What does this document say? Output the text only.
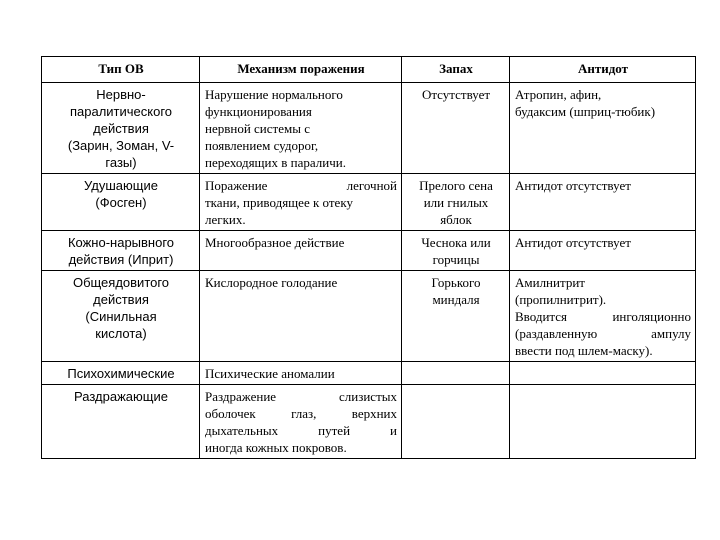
Тип ОВ	Механизм поражения	Запах	Антидот

Нервно-
паралитического
действия
(Зарин, Зоман, V-
газы)	Нарушение нормального
функционирования
нервной системы с
появлением судорог,
переходящих в параличи.	Отсутствует	Атропин, афин,
будаксим (шприц-тюбик)

Удушающие
(Фосген)	Поражение легочной
ткани, приводящее к отеку
легких.	Прелого сена
или гнилых
яблок	Антидот отсутствует

Кожно-нарывного
действия (Иприт)	Многообразное действие	Чеснока или
горчицы	Антидот отсутствует

Общеядовитого
действия
(Синильная
кислота)	Кислородное голодание	Горького
миндаля	Амилнитрит
(пропилнитрит).
Вводится инголяционно
(раздавленную ампулу
ввести под шлем-маску).

Психохимические	Психические аномалии		

Раздражающие	Раздражение слизистых
оболочек глаз, верхних
дыхательных путей и
иногда кожных покровов.		
